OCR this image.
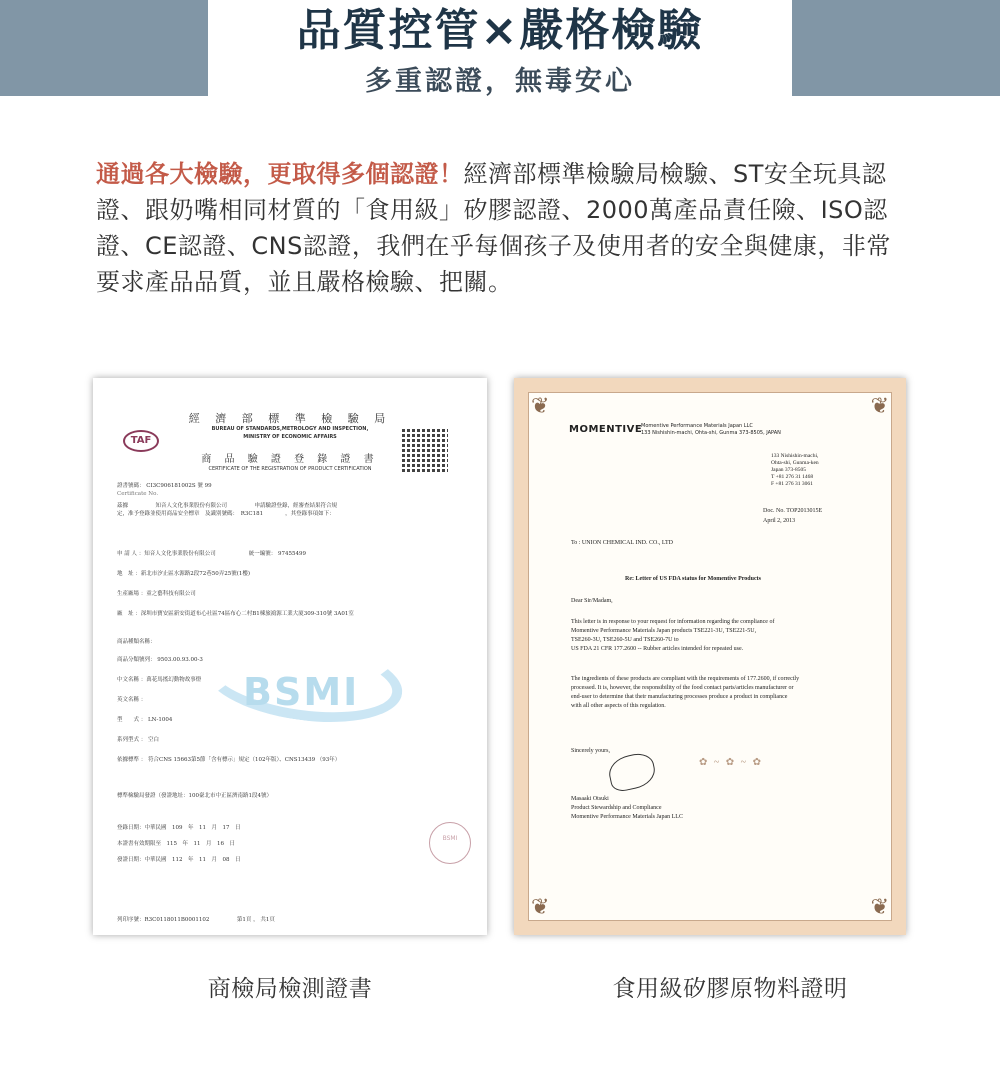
品質控管×嚴格檢驗
多重認證，無毒安心
通過各大檢驗，更取得多個認證！經濟部標準檢驗局檢驗、ST安全玩具認證、跟奶嘴相同材質的「食用級」矽膠認證、2000萬產品責任險、ISO認證、CE認證、CNS認證，我們在乎每個孩子及使用者的安全與健康，非常要求產品品質，並且嚴格檢驗、把關。
經 濟 部 標 準 檢 驗 局
BUREAU OF STANDARDS,METROLOGY AND INSPECTION,
MINISTRY OF ECONOMIC AFFAIRS
TAF
商 品 驗 證 登 錄 證 書
CERTIFICATE OF THE REGISTRATION OF PRODUCT CERTIFICATION
BSMI
證書號碼： CI3C906181002S 號 99
Certificate No.
茲據　　　　　知音人文化事業股份有限公司　　　　　申請驗證登錄，經審查結果符合規
定，准予登錄並使用商品安全標章　及識別號碼：　R3C181　　　　，其登錄事項如下：
申 請 人 ：知音人文化事業股份有限公司　　　　　　統一編號： 97455499
地　址 ：新北市汐止區水源路2段72巷50弄25號(1樓)
生產廠場 ：童之藝科技有限公司
廠　址 ：深圳市寶安區新安街道布心社區74區布心二村B1棟旅鴻源工業大廈309-310號 3A01室
商品種類名稱：
商品分類號列： 9503.00.93.00-3
中文名稱 ：萬花馬搖幻動物故事燈
英文名稱 ：
型　　式 ： LN-1004
系列型式 ： 空白
依據標準 ： 符合CNS 15663第5節「含有標示」規定（102年版）、CNS13439 （93年）
標準檢驗局發證（發證地址：100臺北市中正區濟南路1段4號）
登錄日期：中華民國　109　年　11　月　17　日
本證書有效期限至　115　年　11　月　16　日
發證日期：中華民國　112　年　11　月　08　日
BSMI
列印序號：R3C0118011B0001102　　　　　第1頁 ， 共1頁
❦	❦
❦	❦
MOMENTIVE
Momentive Performance Materials Japan LLC
133 Nishishin-machi, Ohta-shi, Gunma 373-8505, JAPAN
133 Nishishin-machi,
Ohta-shi, Gunma-ken
Japan 373-8505
T +81 276 31 1468
F +81 276 31 3061
Doc. No. TOP2013015E
April 2, 2013
To : UNION CHEMICAL IND. CO., LTD
Re: Letter of US FDA status for Momentive Products
Dear Sir/Madam,
This letter is in response to your request for information regarding the compliance of
Momentive Performance Materials Japan products TSE221-3U, TSE221-5U,
TSE260-3U, TSE260-5U and TSE260-7U to
US FDA 21 CFR 177.2600 -- Rubber articles intended for repeated use.
The ingredients of these products are compliant with the requirements of 177.2600, if correctly
processed. It is, however, the responsibility of the food contact parts/articles manufacturer or
end-user to determine that their manufacturing processes produce a product in compliance
with all other aspects of this regulation.
✿ ~ ✿ ~ ✿
Sincerely yours,
Masaaki Otsuki
Product Stewardship and Compliance
Momentive Performance Materials Japan LLC
商檢局檢測證書	食用級矽膠原物料證明
